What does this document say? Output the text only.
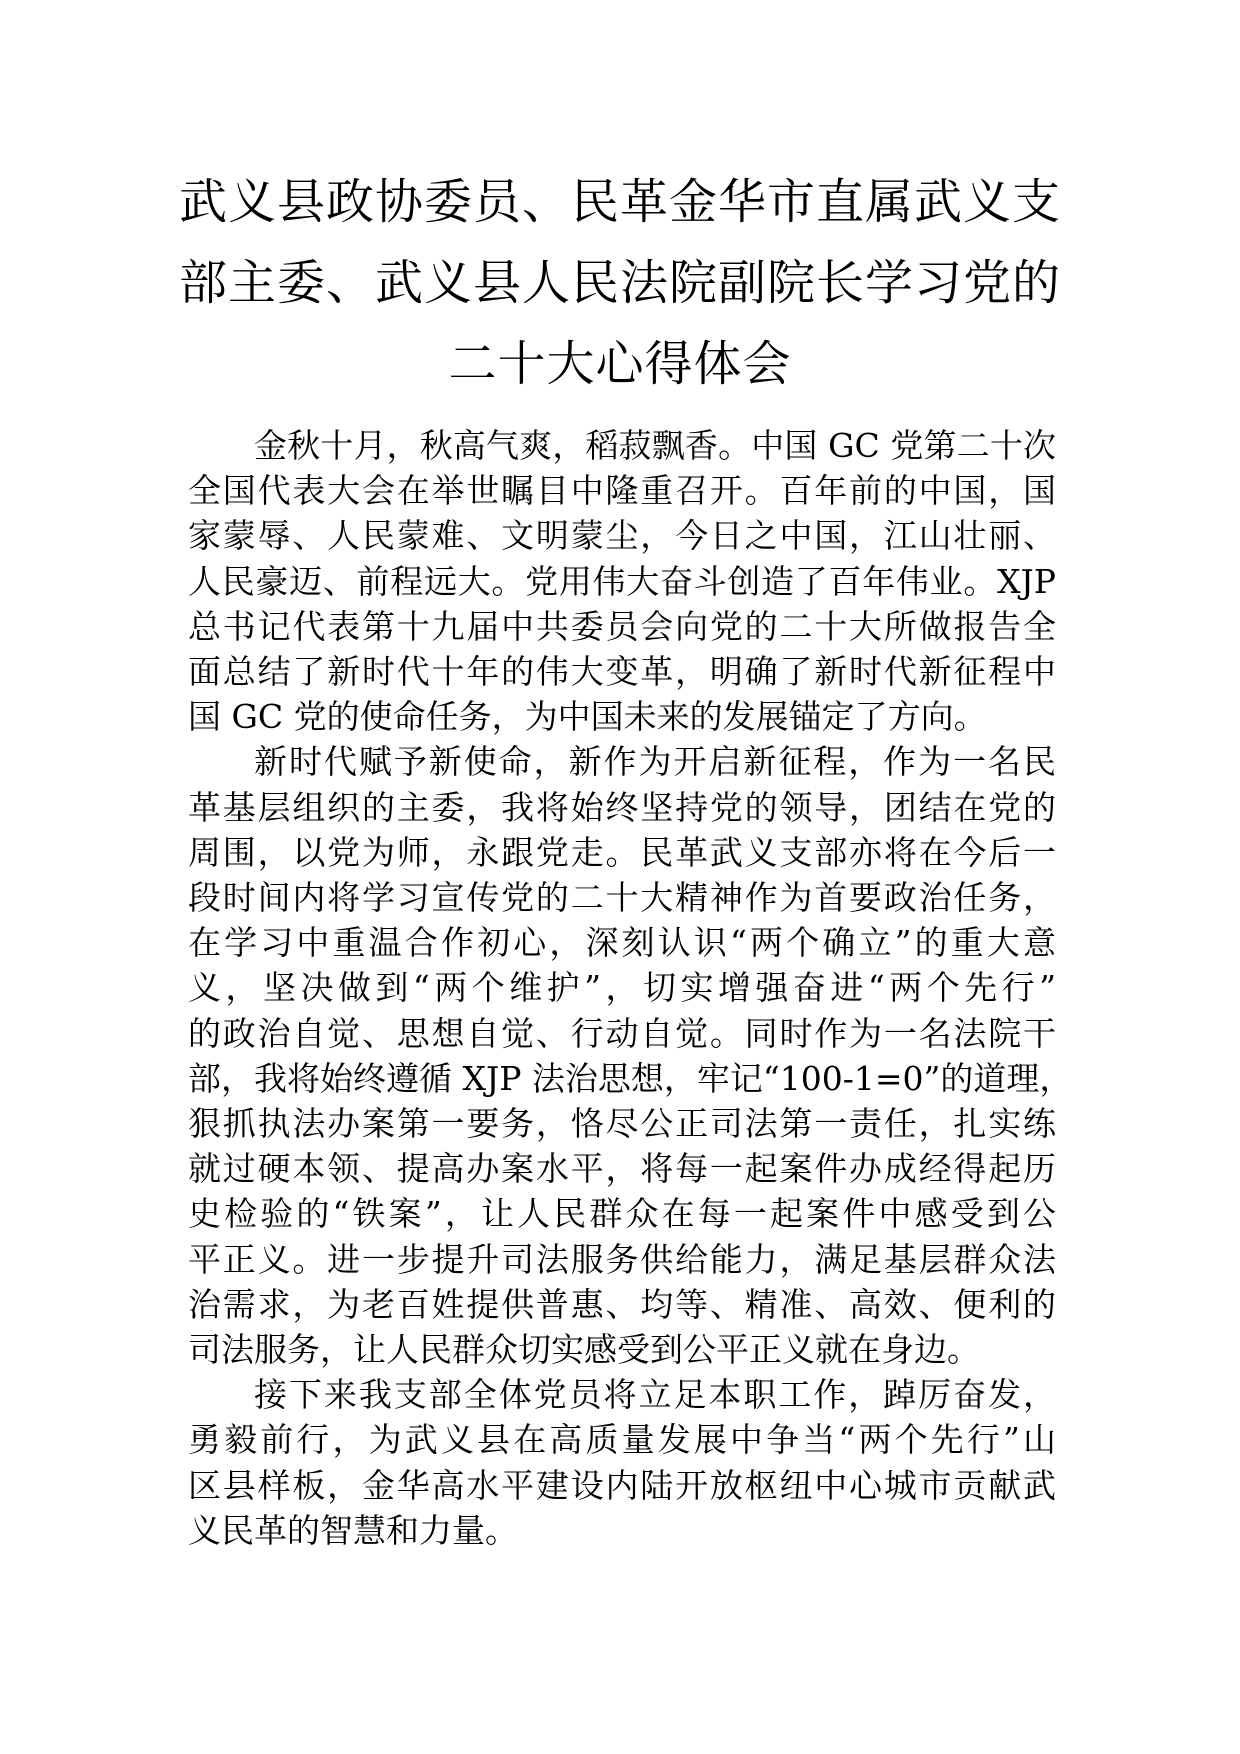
武义县政协委员、民革金华市直属武义支
部主委、武义县人民法院副院长学习党的
二十大心得体会

金秋十月，秋高气爽，稻菽飘香。中国 GC 党第二十次
全国代表大会在举世瞩目中隆重召开。百年前的中国，国
家蒙辱、人民蒙难、文明蒙尘，今日之中国，江山壮丽、
人民豪迈、前程远大。党用伟大奋斗创造了百年伟业。XJP
总书记代表第十九届中共委员会向党的二十大所做报告全
面总结了新时代十年的伟大变革，明确了新时代新征程中
国 GC 党的使命任务，为中国未来的发展锚定了方向。

新时代赋予新使命，新作为开启新征程，作为一名民
革基层组织的主委，我将始终坚持党的领导，团结在党的
周围，以党为师，永跟党走。民革武义支部亦将在今后一
段时间内将学习宣传党的二十大精神作为首要政治任务，
在学习中重温合作初心，深刻认识“两个确立”的重大意
义，坚决做到“两个维护”，切实增强奋进“两个先行”
的政治自觉、思想自觉、行动自觉。同时作为一名法院干
部，我将始终遵循 XJP 法治思想，牢记“100-1=0”的道理，
狠抓执法办案第一要务，恪尽公正司法第一责任，扎实练
就过硬本领、提高办案水平，将每一起案件办成经得起历
史检验的“铁案”，让人民群众在每一起案件中感受到公
平正义。进一步提升司法服务供给能力，满足基层群众法
治需求，为老百姓提供普惠、均等、精准、高效、便利的
司法服务，让人民群众切实感受到公平正义就在身边。

接下来我支部全体党员将立足本职工作，踔厉奋发，
勇毅前行，为武义县在高质量发展中争当“两个先行”山
区县样板，金华高水平建设内陆开放枢纽中心城市贡献武
义民革的智慧和力量。
